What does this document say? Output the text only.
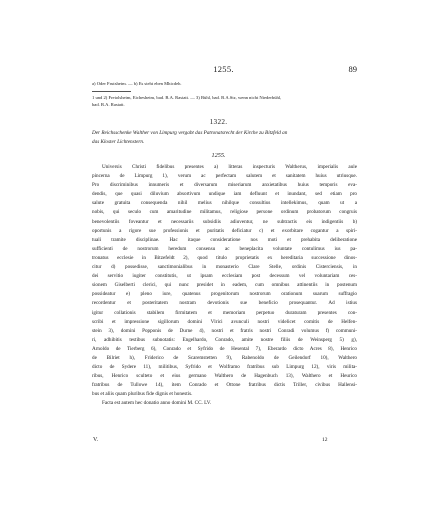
1255.	89
a) Oder Frutsheim. — b) Es steht eben Mhicdeh.
1 und 2) Freiolsheim, Eichesheim, bad. B.A. Rastatt. — 3) Bühl, bad. B.A.Stz, wenn nicht Niederbühl,
bad. B.A. Rastatt.
1322.
Der Reichsschenke Walther von Limpurg vergabt das Patronatsrecht der Kirche zu Bitzfeld an
das Kloster Lichtenstern.
1255.
Universis Christi fidelibus presentes a) litteras inspecturis Waltherus, imperialis aule
pincerna de Limpurg 1), verum ac perfectam salutem et sanitatem huius utriusque.
Pro discriminibus innumeris et diversarum miseriarum anxietatibus huius temporis eva-
dendis, que quasi diluvium absortivum undique iam defluunt et inundant, sed etiam pro
salute gratuita consequenda nihil melius nihilque consultius intellekimus, quam ut a
nobis, qui seculo cum amaritudine militamus, religiose persone ordinum probatorum congruis
benevolentiis foveantur et necessariis subsidiis adiuventur, ne subtractis eis indigentiis b)
oportunis a rigore sue professionis et puritatis deficiatur c) et exorbitare cogantur a spiri-
tuali tramite disciplinae. Hac itaque consideratione nos moti et prehabita deliberatione
sufficienti de nostrorum heredum consensu ac beneplacita voluntate contulimus ius pa-
tronatus ecclesie in Bitzefeldt 2), quod titulo proprietatis ex hereditaria successione dinos-
citur d) possedisse, sanctimonialibus in monasterio Clare Stelle, ordinis Cisterciensis, in
dei servitio iugiter constitutis, ut ipsam ecclesiam post decessum vel voluntariam ces-
sionem Giselberti clerici, qui nunc presidet in eadem, cum omnibus attinentiis in postenum
possideatur e) pleno iure, quatenus progenitorum nostrorum orationum suarum suffragio
recordentur et posteritatem nostram devotionis sue beneficio prosequantur. Ad istius
igitur collationis stabilem firmitatem et memoriam perpetuo duraturam presentes con-
scribi et impressione sigillorum domini Vlrici avunculi nostri videlicet comitis de Helfen-
stein 3), domini Popponis de Durne 4), nostri et fratris nostri Conradi volumus f) communi-
ri, adhibitis testibus subnotatis: Engelhardo, Conrado, amite nostre filiis de Weinsperg 5) g),
Arnoldo de Tierberg 6), Conrado et Syfrido de Hesental 7), Eberardo dicto Acres 8), Henrico
de Bilriet h), Friderico de Scaremstetten 9), Rabenoldo de Geilendorf 10), Walthero
dicto de Sydere 11), militibus, Syfrido et Wolframo fratribus sub Limpurg 12), viris milita-
ribus, Henrico scultetо et eius germano Walthero de Hagenbuch 13), Walthero et Heurico
fratribus de Tullowe 14), item Conrado et Ottone fratribus dictis Triller, civibus Hallensi-
bus et aliis quam pluribus fide dignis et honestis.
Facta est autem hec donatio anno domini M. CC. LV.
V.	12
